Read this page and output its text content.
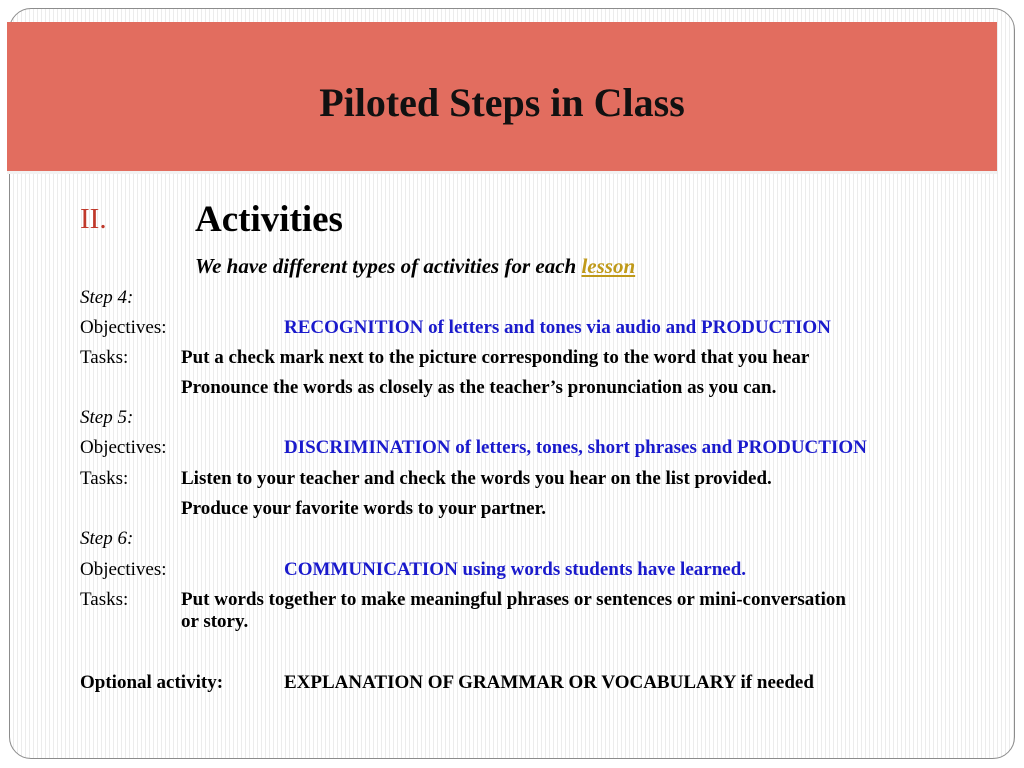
Piloted Steps in Class
II. Activities
We have different types of activities for each lesson
Step 4:
Objectives:	RECOGNITION of letters and tones via audio and PRODUCTION
Tasks:	Put a check mark next to the picture corresponding to the word that you hear
Pronounce the words as closely as the teacher’s pronunciation as you can.
Step 5:
Objectives:	DISCRIMINATION of letters, tones, short phrases and PRODUCTION
Tasks:	Listen to your teacher and check the words you hear on the list provided.
Produce your favorite words to your partner.
Step 6:
Objectives:	COMMUNICATION using words students have learned.
Tasks:	Put words together to make meaningful phrases or sentences or mini-conversation
or story.
Optional activity:	EXPLANATION OF GRAMMAR OR VOCABULARY if needed
